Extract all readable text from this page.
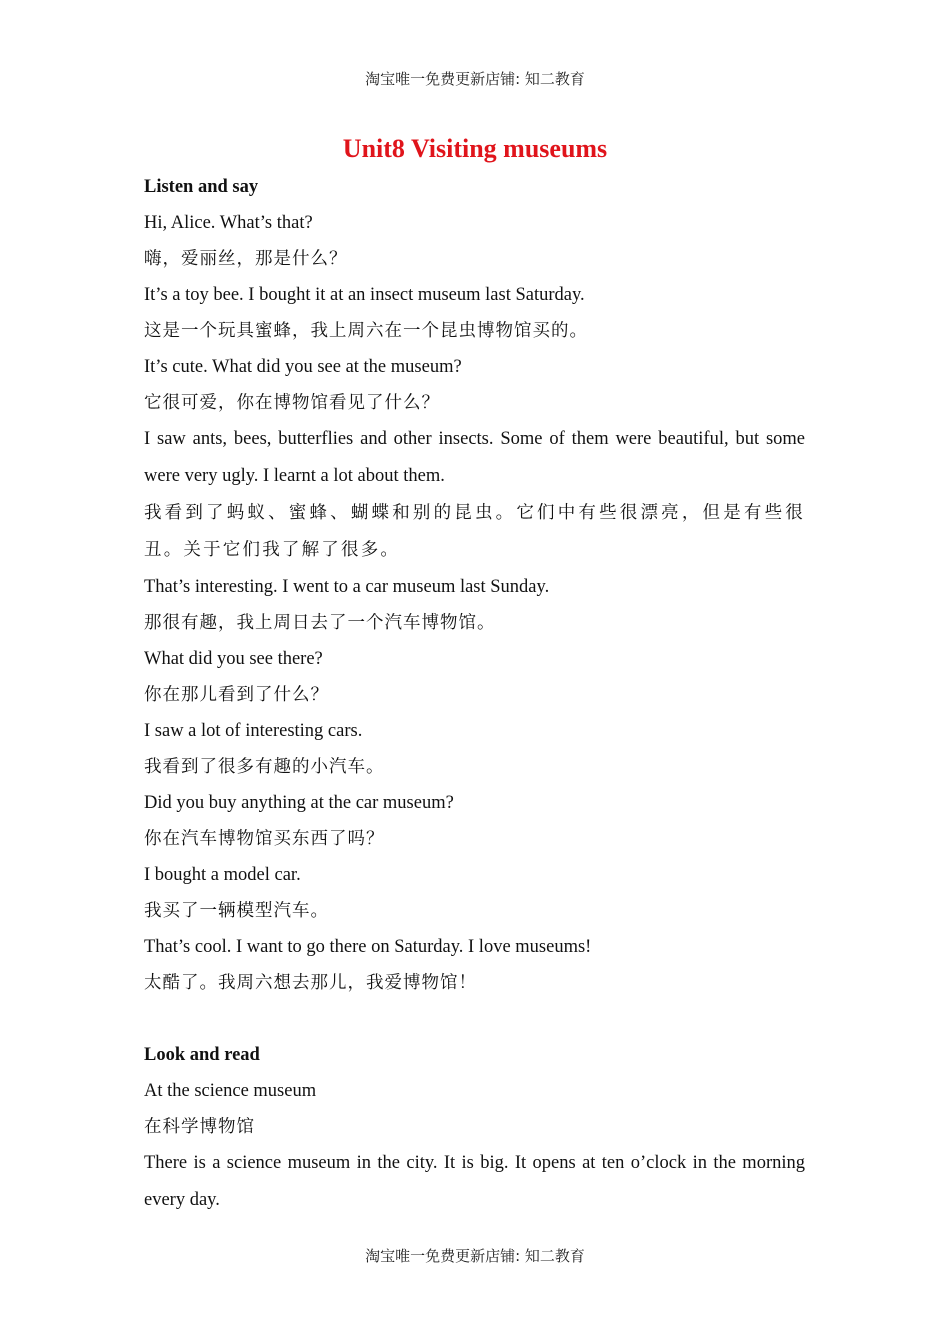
淘宝唯一免费更新店铺: 知二教育
Unit8 Visiting museums
Listen and say
Hi, Alice. What’s that?
嗨，爱丽丝，那是什么？
It’s a toy bee. I bought it at an insect museum last Saturday.
这是一个玩具蜜蜂，我上周六在一个昆虫博物馆买的。
It’s cute. What did you see at the museum?
它很可爱，你在博物馆看见了什么？
I saw ants, bees, butterflies and other insects. Some of them were beautiful, but some were very ugly. I learnt a lot about them.
我看到了蚂蚁、蜜蜂、蝴蝶和别的昆虫。它们中有些很漂亮，但是有些很丑。关于它们我了解了很多。
That’s interesting. I went to a car museum last Sunday.
那很有趣，我上周日去了一个汽车博物馆。
What did you see there?
你在那儿看到了什么？
I saw a lot of interesting cars.
我看到了很多有趣的小汽车。
Did you buy anything at the car museum?
你在汽车博物馆买东西了吗？
I bought a model car.
我买了一辆模型汽车。
That’s cool. I want to go there on Saturday. I love museums!
太酷了。我周六想去那儿，我爱博物馆！
Look and read
At the science museum
在科学博物馆
There is a science museum in the city. It is big. It opens at ten o’clock in the morning every day.
淘宝唯一免费更新店铺: 知二教育
